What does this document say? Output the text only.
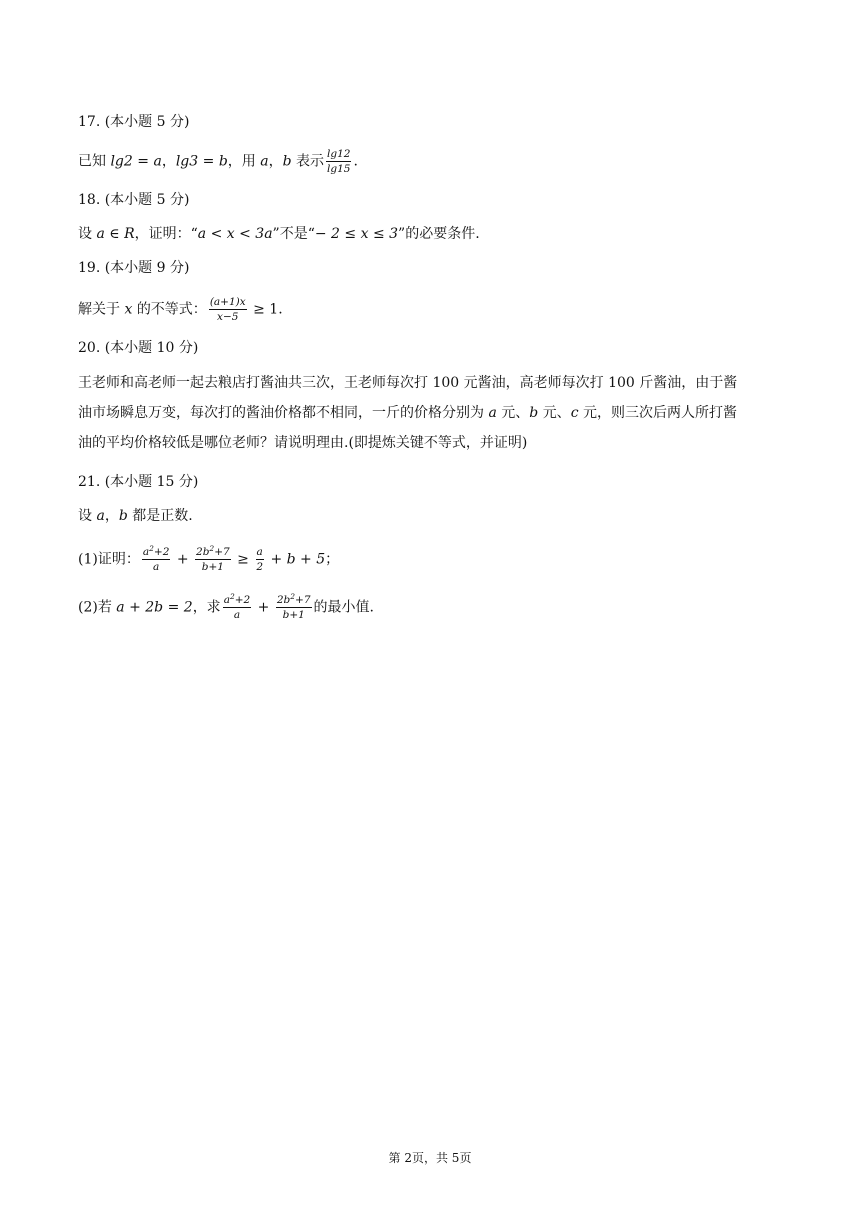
17. (本小题 5 分)
已知 lg2 = a，lg3 = b，用 a，b 表示 $\frac{\lg 12}{\lg 15}$ .
18. (本小题 5 分)
设 a ∈ R，证明：“a < x < 3a”不是“− 2 ≤ x ≤ 3”的必要条件.
19. (本小题 9 分)
解关于 x 的不等式： $\frac{(a+1)x}{x-5} \ge 1$.
20. (本小题 10 分)
王老师和高老师一起去粮店打酱油共三次，王老师每次打 100 元酱油，高老师每次打 100 斤酱油，由于酱
油市场瞬息万变，每次打的酱油价格都不相同，一斤的价格分别为 a 元、b 元、c 元，则三次后两人所打酱
油的平均价格较低是哪位老师？请说明理由.(即提炼关键不等式，并证明)
21. (本小题 15 分)
设 a，b 都是正数.
(1)证明： $\frac{a^2+2}{a} + \frac{2b^2+7}{b+1} \ge \frac{a}{2} + b + 5$；
(2)若 a + 2b = 2，求 $\frac{a^2+2}{a} + \frac{2b^2+7}{b+1}$ 的最小值.
第 2页，共 5页
